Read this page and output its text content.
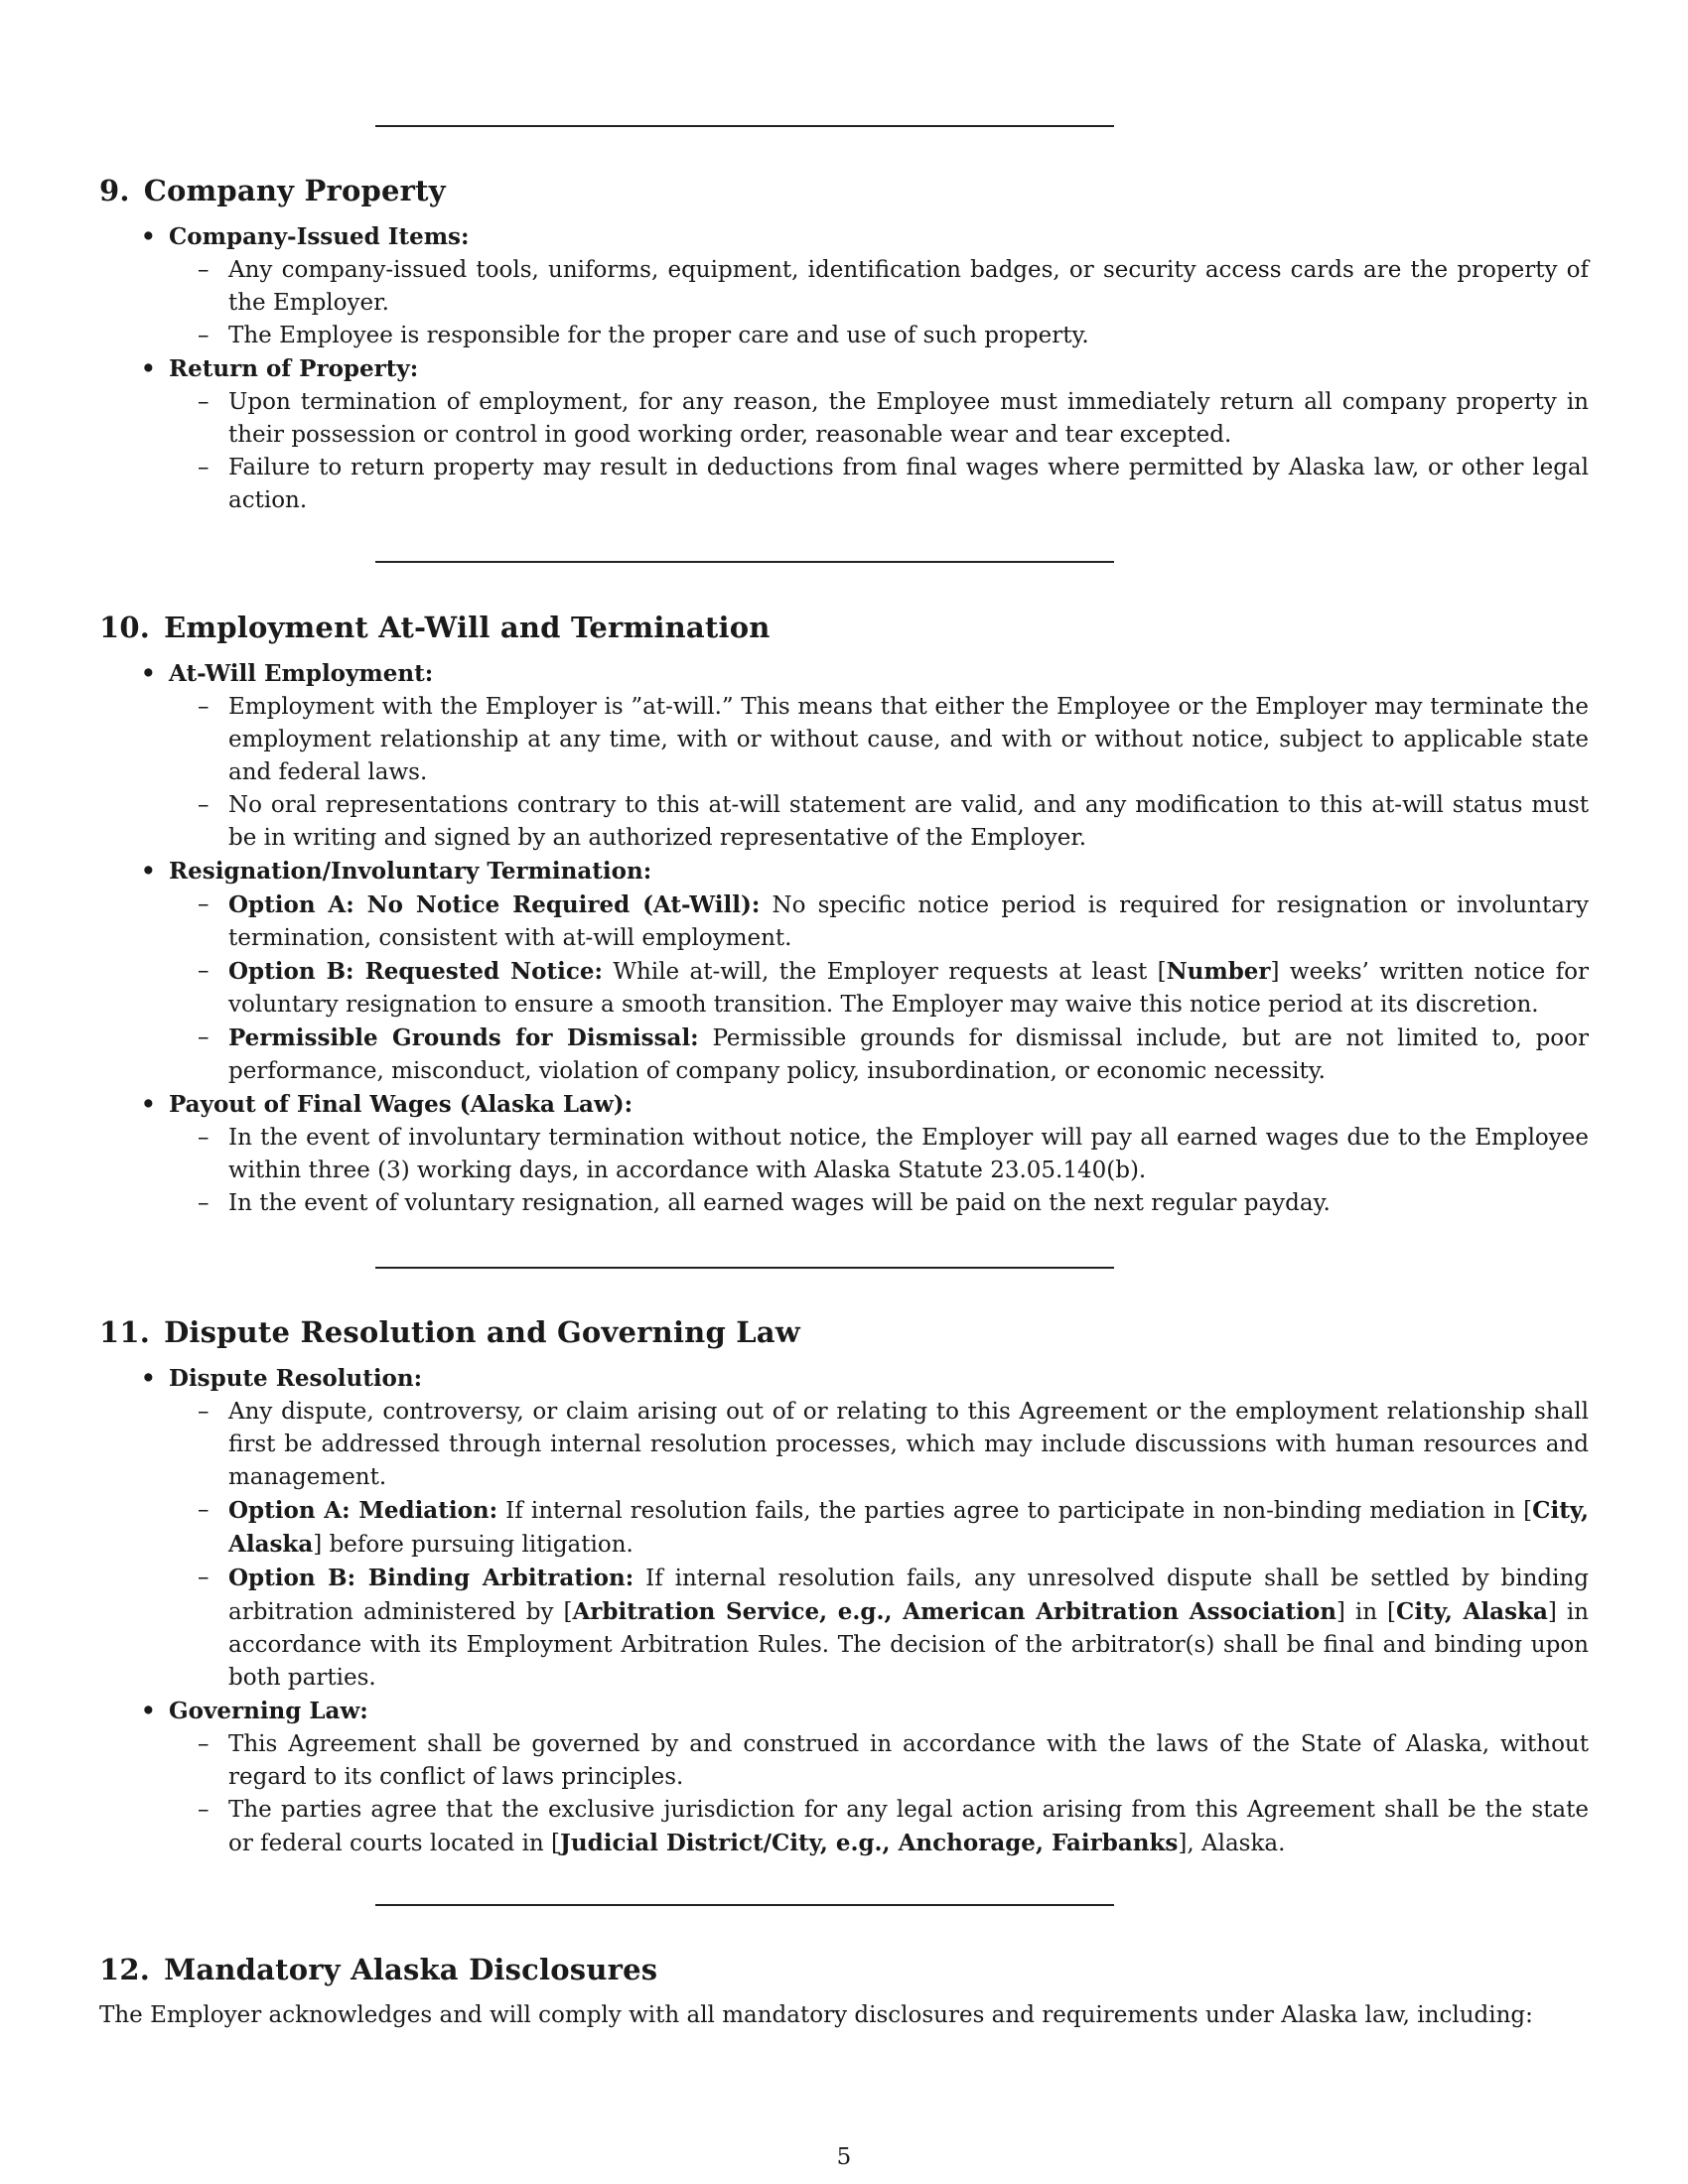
9. Company Property
• Company-Issued Items:
– Any company-issued tools, uniforms, equipment, identification badges, or security access cards are the property of the Employer.
– The Employee is responsible for the proper care and use of such property.
• Return of Property:
– Upon termination of employment, for any reason, the Employee must immediately return all company property in their possession or control in good working order, reasonable wear and tear excepted.
– Failure to return property may result in deductions from final wages where permitted by Alaska law, or other legal action.
10. Employment At-Will and Termination
• At-Will Employment:
– Employment with the Employer is ”at-will.” This means that either the Employee or the Employer may terminate the employment relationship at any time, with or without cause, and with or without notice, subject to applicable state and federal laws.
– No oral representations contrary to this at-will statement are valid, and any modification to this at-will status must be in writing and signed by an authorized representative of the Employer.
• Resignation/Involuntary Termination:
– Option A: No Notice Required (At-Will): No specific notice period is required for resignation or involuntary termination, consistent with at-will employment.
– Option B: Requested Notice: While at-will, the Employer requests at least [Number] weeks’ written notice for voluntary resignation to ensure a smooth transition. The Employer may waive this notice period at its discretion.
– Permissible Grounds for Dismissal: Permissible grounds for dismissal include, but are not limited to, poor performance, misconduct, violation of company policy, insubordination, or economic necessity.
• Payout of Final Wages (Alaska Law):
– In the event of involuntary termination without notice, the Employer will pay all earned wages due to the Employee within three (3) working days, in accordance with Alaska Statute 23.05.140(b).
– In the event of voluntary resignation, all earned wages will be paid on the next regular payday.
11. Dispute Resolution and Governing Law
• Dispute Resolution:
– Any dispute, controversy, or claim arising out of or relating to this Agreement or the employment relationship shall first be addressed through internal resolution processes, which may include discussions with human resources and management.
– Option A: Mediation: If internal resolution fails, the parties agree to participate in non-binding mediation in [City, Alaska] before pursuing litigation.
– Option B: Binding Arbitration: If internal resolution fails, any unresolved dispute shall be settled by binding arbitration administered by [Arbitration Service, e.g., American Arbitration Association] in [City, Alaska] in accordance with its Employment Arbitration Rules. The decision of the arbitrator(s) shall be final and binding upon both parties.
• Governing Law:
– This Agreement shall be governed by and construed in accordance with the laws of the State of Alaska, without regard to its conflict of laws principles.
– The parties agree that the exclusive jurisdiction for any legal action arising from this Agreement shall be the state or federal courts located in [Judicial District/City, e.g., Anchorage, Fairbanks], Alaska.
12. Mandatory Alaska Disclosures

The Employer acknowledges and will comply with all mandatory disclosures and requirements under Alaska law, including:

5
